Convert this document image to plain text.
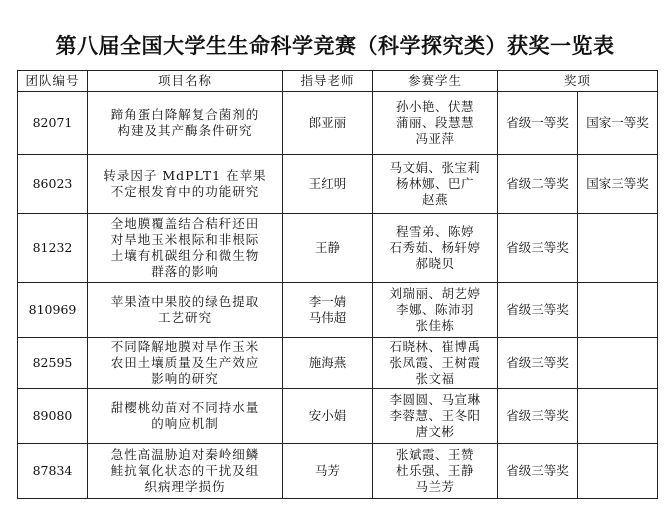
第八届全国大学生生命科学竞赛（科学探究类）获奖一览表
团队编号	项目名称	指导老师	参赛学生	奖项	

82071	蹄角蛋白降解复合菌剂的
构建及其产酶条件研究	郎亚丽	孙小艳、伏慧
蒲丽、段慧慧
冯亚萍	省级一等奖	国家一等奖

86023	转录因子 MdPLT1 在苹果
不定根发育中的功能研究	王红明	马文娟、张宝莉
杨林娜、巴广
赵燕	省级二等奖	国家三等奖

81232	全地膜覆盖结合秸秆还田
对旱地玉米根际和非根际
土壤有机碳组分和微生物
群落的影响	王静	程雪弟、陈婷
石秀茹、杨轩婷
郝晓贝	省级三等奖	

810969	苹果渣中果胶的绿色提取
工艺研究	李一婧
马伟超	刘瑞丽、胡艺婷
李娜、陈沛羽
张佳栋	省级三等奖	

82595	不同降解地膜对旱作玉米
农田土壤质量及生产效应
影响的研究	施海燕	石晓林、崔博禹
张凤霞、王树霞
张文福	省级三等奖	

89080	甜樱桃幼苗对不同持水量
的响应机制	安小娟	李圆圆、马宣琳
李蓉慧、王冬阳
唐文彬	省级三等奖	

87834	急性高温胁迫对秦岭细鳞
鲑抗氧化状态的干扰及组
织病理学损伤	马芳	张斌霞、王赞
杜乐强、王静
马兰芳	省级三等奖	
